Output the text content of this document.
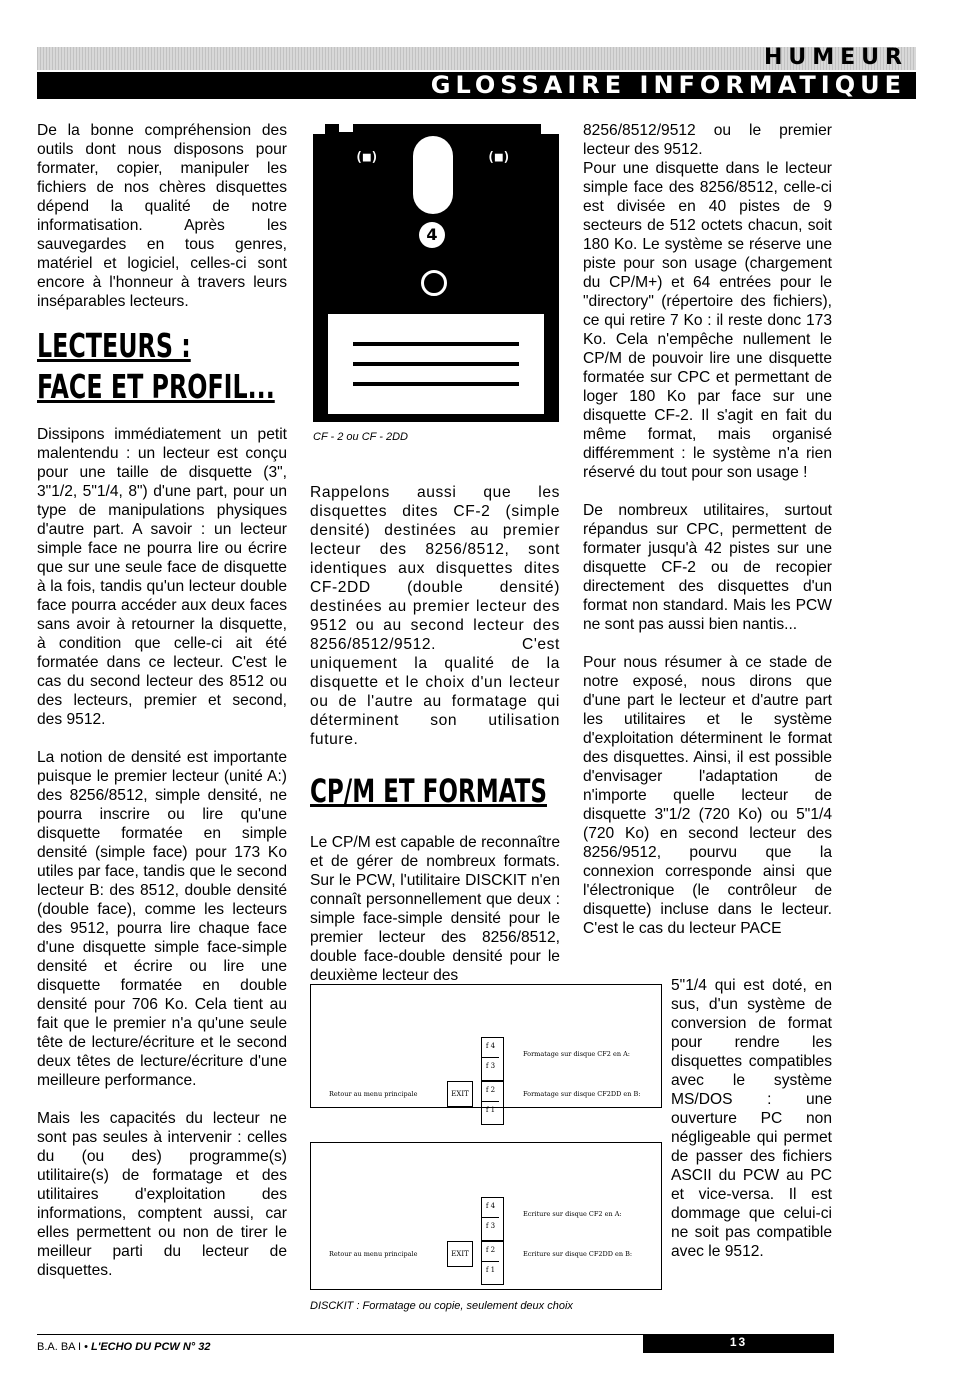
HUMEUR
GLOSSAIRE INFORMATIQUE

De la bonne compréhension des outils dont nous disposons pour formater, copier, manipuler les fichiers de nos chères disquettes dépend la qualité de notre informatisation. Après les sauvegardes en tous genres, matériel et logiciel, celles-ci sont encore à l'honneur à travers leurs inséparables lecteurs.

LECTEURS :
FACE ET PROFIL...

Dissipons immédiatement un petit malentendu : un lecteur est conçu pour une taille de disquette (3", 3"1/2, 5"1/4, 8") d'une part, pour un type de manipulations physiques d'autre part. A savoir : un lecteur simple face ne pourra lire ou écrire que sur une seule face de disquette à la fois, tandis qu'un lecteur double face pourra accéder aux deux faces sans avoir à retourner la disquette, à condition que celle-ci ait été formatée dans ce lecteur. C'est le cas du second lecteur des 8512 ou des lecteurs, premier et second, des 9512.

La notion de densité est importante puisque le premier lecteur (unité A:) des 8256/8512, simple densité, ne pourra inscrire ou lire qu'une disquette formatée en simple densité (simple face) pour 173 Ko utiles par face, tandis que le second lecteur B: des 8512, double densité (double face), comme les lecteurs des 9512, pourra lire chaque face d'une disquette simple face-simple densité et écrire ou lire une disquette formatée en double densité pour 706 Ko. Cela tient au fait que le premier n'a qu'une seule tête de lecture/écriture et le second deux têtes de lecture/écriture d'une meilleure performance.

Mais les capacités du lecteur ne sont pas seules à intervenir : celles du (ou des) programme(s) utilitaire(s) de formatage et des utilitaires d'exploitation des informations, comptent aussi, car elles permettent ou non de tirer le meilleur parti du lecteur de disquettes.

(■)	(■)
4
CF - 2 ou CF - 2DD

Rappelons aussi que les disquettes dites CF-2 (simple densité) destinées au premier lecteur des 8256/8512, sont identiques aux disquettes dites CF-2DD (double densité) destinées au premier lecteur des 9512 ou au second lecteur des 8256/8512/9512. C'est uniquement la qualité de la disquette et le choix d'un lecteur ou de l'autre au formatage qui déterminent son utilisation future.

CP/M ET FORMATS

Le CP/M est capable de reconnaître et de gérer de nombreux formats. Sur le PCW, l'utilitaire DISCKIT n'en connaît personnellement que deux : simple face-simple densité pour le premier lecteur des 8256/8512, double face-double densité pour le deuxième lecteur des

f 4
f 3
f 2
f 1
EXIT
Retour au menu principale
Formatage sur disque CF2 en A:
Formatage sur disque CF2DD en B:
f 4
f 3
f 2
f 1
EXIT
Retour au menu principale
Ecriture sur disque CF2 en A:
Ecriture sur disque CF2DD en B:
DISCKIT : Formatage ou copie, seulement deux choix

8256/8512/9512 ou le premier lecteur des 9512.

Pour une disquette dans le lecteur simple face des 8256/8512, celle-ci est divisée en 40 pistes de 9 secteurs de 512 octets chacun, soit 180 Ko. Le système se réserve une piste pour son usage (chargement du CP/M+) et 64 entrées pour le "directory" (répertoire des fichiers), ce qui retire 7 Ko : il reste donc 173 Ko. Cela n'empêche nullement le CP/M de pouvoir lire une disquette formatée sur CPC et permettant de loger 180 Ko par face sur une disquette CF-2. Il s'agit en fait du même format, mais organisé différemment : le système n'a rien réservé du tout pour son usage !

De nombreux utilitaires, surtout répandus sur CPC, permettent de formater jusqu'à 42 pistes sur une disquette CF-2 ou de recopier directement des disquettes d'un format non standard. Mais les PCW ne sont pas aussi bien nantis...

Pour nous résumer à ce stade de notre exposé, nous dirons que d'une part le lecteur et d'autre part les utilitaires et le système d'exploitation déterminent le format des disquettes. Ainsi, il est possible d'envisager l'adaptation de n'importe quelle lecteur de disquette 3"1/2 (720 Ko) ou 5"1/4 (720 Ko) en second lecteur des 8256/9512, pourvu que la connexion corresponde ainsi que l'électronique (le contrôleur de disquette) incluse dans le lecteur. C'est le cas du lecteur PACE

5"1/4 qui est doté, en sus, d'un système de conversion de format pour rendre les disquettes compatibles avec le système MS/DOS : une ouverture PC non négligeable qui permet de passer des fichiers ASCII du PCW au PC et vice-versa. Il est dommage que celui-ci ne soit pas compatible avec le 9512.

B.A. BA I • L'ECHO DU PCW N° 32	13
